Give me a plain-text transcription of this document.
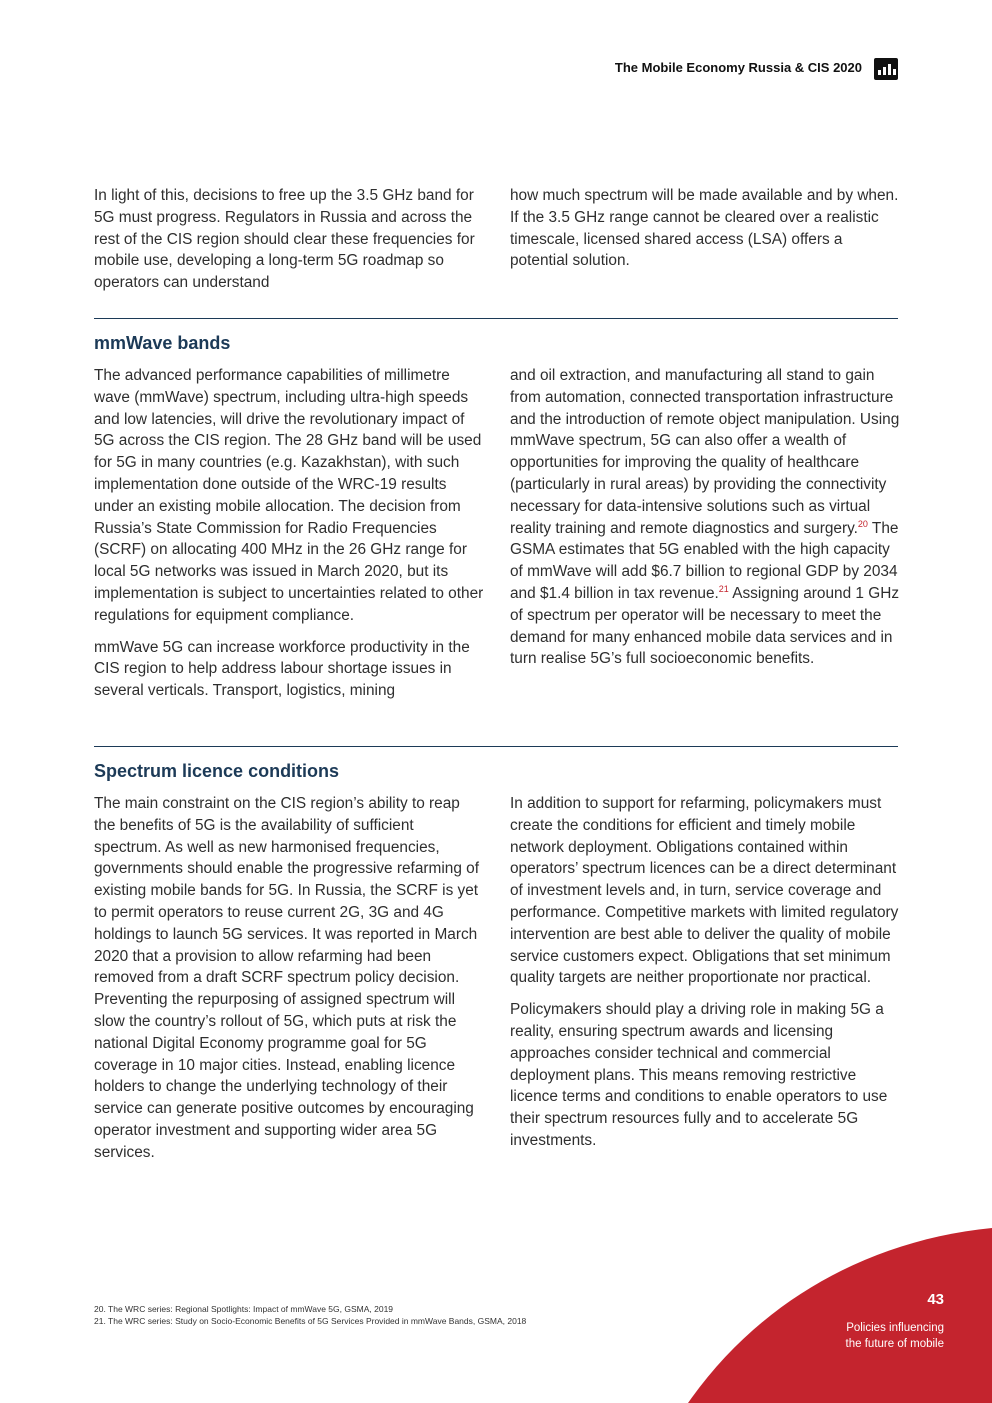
The Mobile Economy Russia & CIS 2020

In light of this, decisions to free up the 3.5 GHz band for 5G must progress. Regulators in Russia and across the rest of the CIS region should clear these frequencies for mobile use, developing a long-term 5G roadmap so operators can understand

how much spectrum will be made available and by when. If the 3.5 GHz range cannot be cleared over a realistic timescale, licensed shared access (LSA) offers a potential solution.

mmWave bands

The advanced performance capabilities of millimetre wave (mmWave) spectrum, including ultra-high speeds and low latencies, will drive the revolutionary impact of 5G across the CIS region. The 28 GHz band will be used for 5G in many countries (e.g. Kazakhstan), with such implementation done outside of the WRC-19 results under an existing mobile allocation. The decision from Russia’s State Commission for Radio Frequencies (SCRF) on allocating 400 MHz in the 26 GHz range for local 5G networks was issued in March 2020, but its implementation is subject to uncertainties related to other regulations for equipment compliance.

mmWave 5G can increase workforce productivity in the CIS region to help address labour shortage issues in several verticals. Transport, logistics, mining

and oil extraction, and manufacturing all stand to gain from automation, connected transportation infrastructure and the introduction of remote object manipulation. Using mmWave spectrum, 5G can also offer a wealth of opportunities for improving the quality of healthcare (particularly in rural areas) by providing the connectivity necessary for data-intensive solutions such as virtual reality training and remote diagnostics and surgery.$^{20}$ The GSMA estimates that 5G enabled with the high capacity of mmWave will add $6.7 billion to regional GDP by 2034 and $1.4 billion in tax revenue.$^{21}$ Assigning around 1 GHz of spectrum per operator will be necessary to meet the demand for many enhanced mobile data services and in turn realise 5G’s full socioeconomic benefits.

Spectrum licence conditions

The main constraint on the CIS region’s ability to reap the benefits of 5G is the availability of sufficient spectrum. As well as new harmonised frequencies, governments should enable the progressive refarming of existing mobile bands for 5G. In Russia, the SCRF is yet to permit operators to reuse current 2G, 3G and 4G holdings to launch 5G services. It was reported in March 2020 that a provision to allow refarming had been removed from a draft SCRF spectrum policy decision. Preventing the repurposing of assigned spectrum will slow the country’s rollout of 5G, which puts at risk the national Digital Economy programme goal for 5G coverage in 10 major cities. Instead, enabling licence holders to change the underlying technology of their service can generate positive outcomes by encouraging operator investment and supporting wider area 5G services.

In addition to support for refarming, policymakers must create the conditions for efficient and timely mobile network deployment. Obligations contained within operators’ spectrum licences can be a direct determinant of investment levels and, in turn, service coverage and performance. Competitive markets with limited regulatory intervention are best able to deliver the quality of mobile service customers expect. Obligations that set minimum quality targets are neither proportionate nor practical.

Policymakers should play a driving role in making 5G a reality, ensuring spectrum awards and licensing approaches consider technical and commercial deployment plans. This means removing restrictive licence terms and conditions to enable operators to use their spectrum resources fully and to accelerate 5G investments.

20. The WRC series: Regional Spotlights: Impact of mmWave 5G, GSMA, 2019
21. The WRC series: Study on Socio-Economic Benefits of 5G Services Provided in mmWave Bands, GSMA, 2018
43
Policies influencing
the future of mobile
